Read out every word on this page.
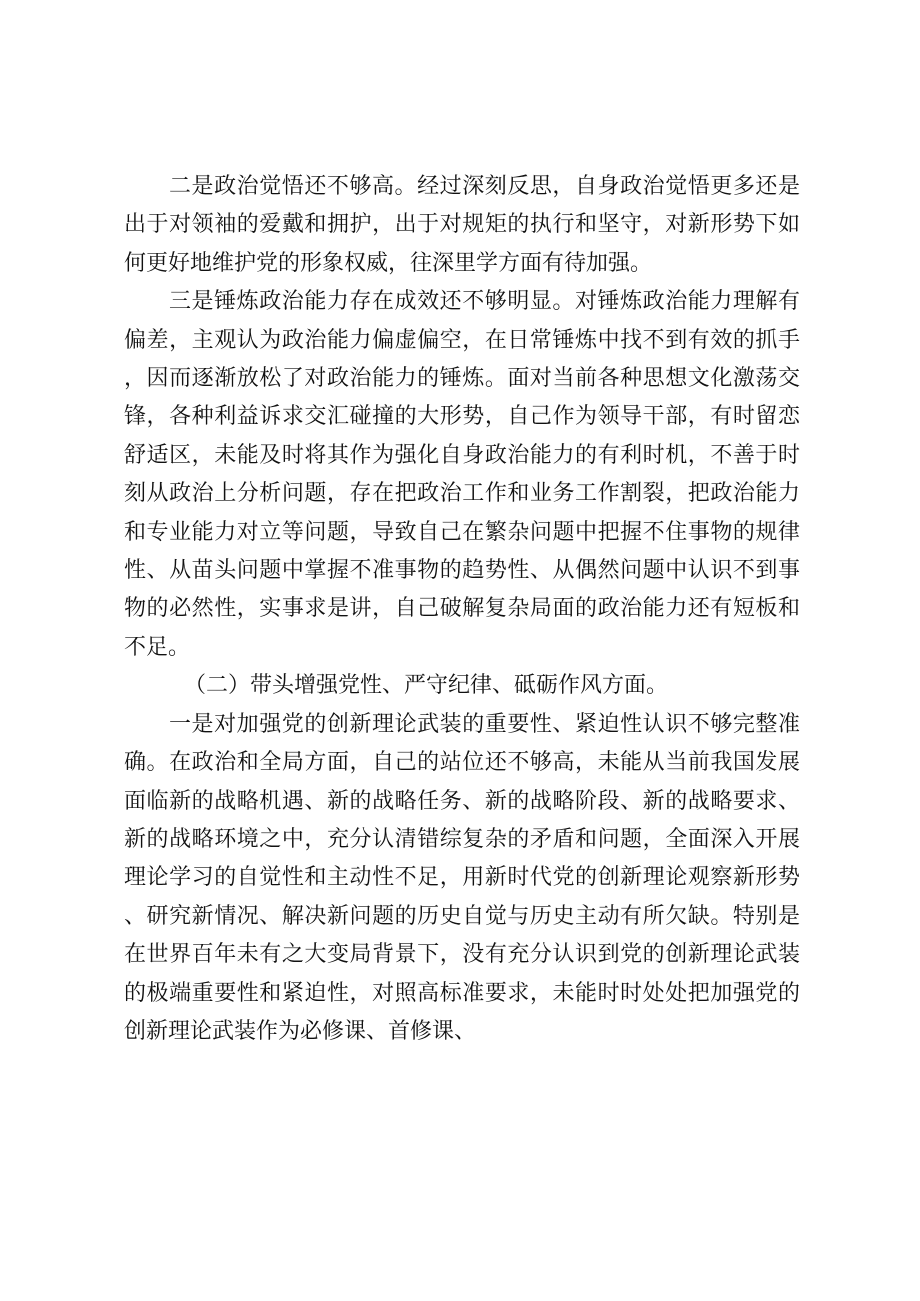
二是政治觉悟还不够高。经过深刻反思，自身政治觉悟更多还是出于对领袖的爱戴和拥护，出于对规矩的执行和坚守，对新形势下如何更好地维护党的形象权威，往深里学方面有待加强。

三是锤炼政治能力存在成效还不够明显。对锤炼政治能力理解有偏差，主观认为政治能力偏虚偏空，在日常锤炼中找不到有效的抓手，因而逐渐放松了对政治能力的锤炼。面对当前各种思想文化激荡交锋，各种利益诉求交汇碰撞的大形势，自己作为领导干部，有时留恋舒适区，未能及时将其作为强化自身政治能力的有利时机，不善于时刻从政治上分析问题，存在把政治工作和业务工作割裂，把政治能力和专业能力对立等问题，导致自己在繁杂问题中把握不住事物的规律性、从苗头问题中掌握不准事物的趋势性、从偶然问题中认识不到事物的必然性，实事求是讲，自己破解复杂局面的政治能力还有短板和不足。

（二）带头增强党性、严守纪律、砥砺作风方面。

一是对加强党的创新理论武装的重要性、紧迫性认识不够完整准确。在政治和全局方面，自己的站位还不够高，未能从当前我国发展面临新的战略机遇、新的战略任务、新的战略阶段、新的战略要求、新的战略环境之中，充分认清错综复杂的矛盾和问题，全面深入开展理论学习的自觉性和主动性不足，用新时代党的创新理论观察新形势、研究新情况、解决新问题的历史自觉与历史主动有所欠缺。特别是在世界百年未有之大变局背景下，没有充分认识到党的创新理论武装的极端重要性和紧迫性，对照高标准要求，未能时时处处把加强党的创新理论武装作为必修课、首修课、
